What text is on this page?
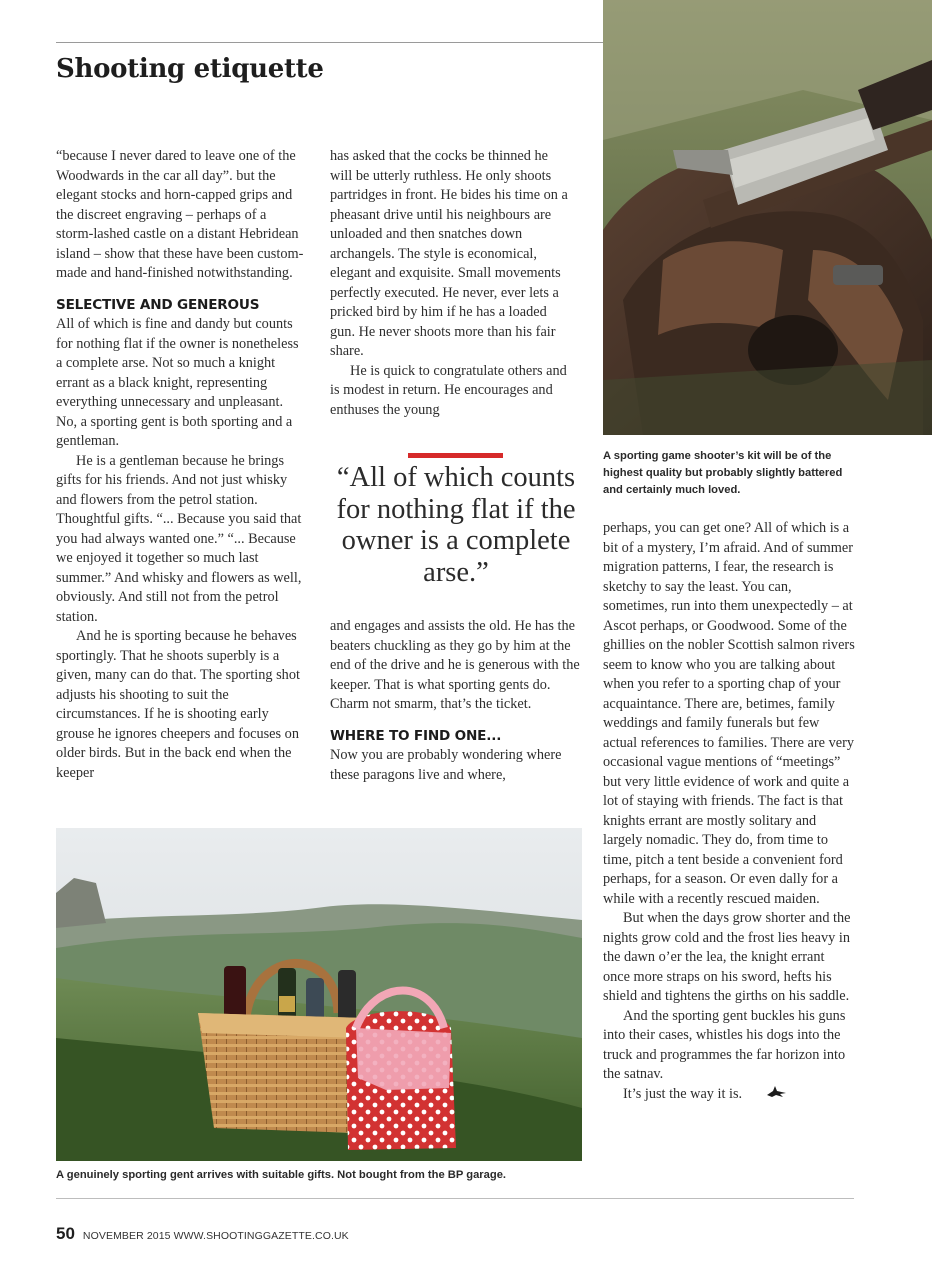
Shooting etiquette

“because I never dared to leave one of the Woodwards in the car all day”. but the elegant stocks and horn-capped grips and the discreet engraving – perhaps of a storm-lashed castle on a distant Hebridean island – show that these have been custom-made and hand-finished notwithstanding.

SELECTIVE AND GENEROUS

All of which is fine and dandy but counts for nothing flat if the owner is nonetheless a complete arse. Not so much a knight errant as a black knight, representing everything unnecessary and unpleasant. No, a sporting gent is both sporting and a gentleman.

He is a gentleman because he brings gifts for his friends. And not just whisky and flowers from the petrol station. Thoughtful gifts. “... Because you said that you had always wanted one.” “... Because we enjoyed it together so much last summer.” And whisky and flowers as well, obviously. And still not from the petrol station.

And he is sporting because he behaves sportingly. That he shoots superbly is a given, many can do that. The sporting shot adjusts his shooting to suit the circumstances. If he is shooting early grouse he ignores cheepers and focuses on older birds. But in the back end when the keeper

has asked that the cocks be thinned he will be utterly ruthless. He only shoots partridges in front. He bides his time on a pheasant drive until his neighbours are unloaded and then snatches down archangels. The style is economical, elegant and exquisite. Small movements perfectly executed. He never, ever lets a pricked bird by him if he has a loaded gun. He never shoots more than his fair share.

He is quick to congratulate others and is modest in return. He encourages and enthuses the young

“All of which counts for nothing flat if the owner is a complete arse.”

and engages and assists the old. He has the beaters chuckling as they go by him at the end of the drive and he is generous with the keeper. That is what sporting gents do. Charm not smarm, that’s the ticket.

WHERE TO FIND ONE...

Now you are probably wondering where these paragons live and where,

perhaps, you can get one? All of which is a bit of a mystery, I’m afraid. And of summer migration patterns, I fear, the research is sketchy to say the least. You can, sometimes, run into them unexpectedly – at Ascot perhaps, or Goodwood. Some of the ghillies on the nobler Scottish salmon rivers seem to know who you are talking about when you refer to a sporting chap of your acquaintance. There are, betimes, family weddings and family funerals but few actual references to families. There are very occasional vague mentions of “meetings” but very little evidence of work and quite a lot of staying with friends. The fact is that knights errant are mostly solitary and largely nomadic. They do, from time to time, pitch a tent beside a convenient ford perhaps, for a season. Or even dally for a while with a recently rescued maiden.

But when the days grow shorter and the nights grow cold and the frost lies heavy in the dawn o’er the lea, the knight errant once more straps on his sword, hefts his shield and tightens the girths on his saddle.

And the sporting gent buckles his guns into their cases, whistles his dogs into the truck and programmes the far horizon into the satnav.

It’s just the way it is.

A sporting game shooter’s kit will be of the highest quality but probably slightly battered and certainly much loved.
A genuinely sporting gent arrives with suitable gifts. Not bought from the BP garage.
50 NOVEMBER 2015 WWW.SHOOTINGGAZETTE.CO.UK
